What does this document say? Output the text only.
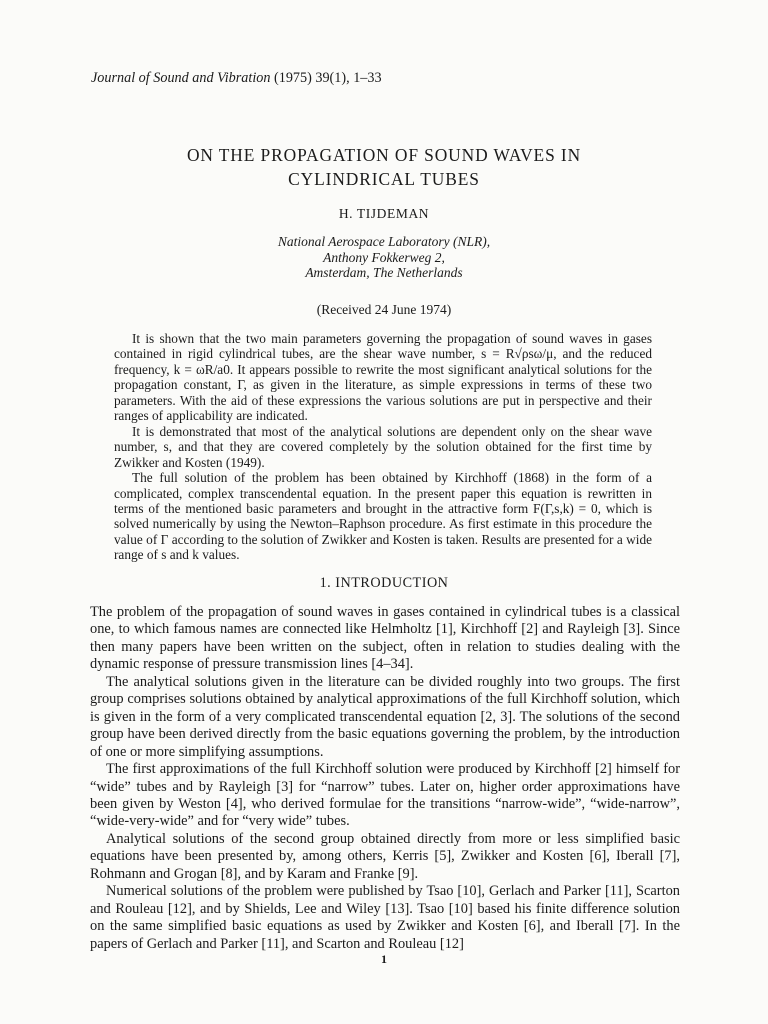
Journal of Sound and Vibration (1975) 39(1), 1–33
ON THE PROPAGATION OF SOUND WAVES IN
CYLINDRICAL TUBES
H. TIJDEMAN
National Aerospace Laboratory (NLR),
Anthony Fokkerweg 2,
Amsterdam, The Netherlands
(Received 24 June 1974)

It is shown that the two main parameters governing the propagation of sound waves in gases contained in rigid cylindrical tubes, are the shear wave number, s = R√ρsω/μ, and the reduced frequency, k = ωR/a0. It appears possible to rewrite the most significant analytical solutions for the propagation constant, Γ, as given in the literature, as simple expressions in terms of these two parameters. With the aid of these expressions the various solutions are put in perspective and their ranges of applicability are indicated.

It is demonstrated that most of the analytical solutions are dependent only on the shear wave number, s, and that they are covered completely by the solution obtained for the first time by Zwikker and Kosten (1949).

The full solution of the problem has been obtained by Kirchhoff (1868) in the form of a complicated, complex transcendental equation. In the present paper this equation is rewritten in terms of the mentioned basic parameters and brought in the attractive form F(Γ,s,k) = 0, which is solved numerically by using the Newton–Raphson procedure. As first estimate in this procedure the value of Γ according to the solution of Zwikker and Kosten is taken. Results are presented for a wide range of s and k values.

1. INTRODUCTION

The problem of the propagation of sound waves in gases contained in cylindrical tubes is a classical one, to which famous names are connected like Helmholtz [1], Kirchhoff [2] and Rayleigh [3]. Since then many papers have been written on the subject, often in relation to studies dealing with the dynamic response of pressure transmission lines [4–34].

The analytical solutions given in the literature can be divided roughly into two groups. The first group comprises solutions obtained by analytical approximations of the full Kirchhoff solution, which is given in the form of a very complicated transcendental equation [2, 3]. The solutions of the second group have been derived directly from the basic equations governing the problem, by the introduction of one or more simplifying assumptions.

The first approximations of the full Kirchhoff solution were produced by Kirchhoff [2] himself for “wide” tubes and by Rayleigh [3] for “narrow” tubes. Later on, higher order approximations have been given by Weston [4], who derived formulae for the transitions “narrow-wide”, “wide-narrow”, “wide-very-wide” and for “very wide” tubes.

Analytical solutions of the second group obtained directly from more or less simplified basic equations have been presented by, among others, Kerris [5], Zwikker and Kosten [6], Iberall [7], Rohmann and Grogan [8], and by Karam and Franke [9].

Numerical solutions of the problem were published by Tsao [10], Gerlach and Parker [11], Scarton and Rouleau [12], and by Shields, Lee and Wiley [13]. Tsao [10] based his finite difference solution on the same simplified basic equations as used by Zwikker and Kosten [6], and Iberall [7]. In the papers of Gerlach and Parker [11], and Scarton and Rouleau [12]

1
